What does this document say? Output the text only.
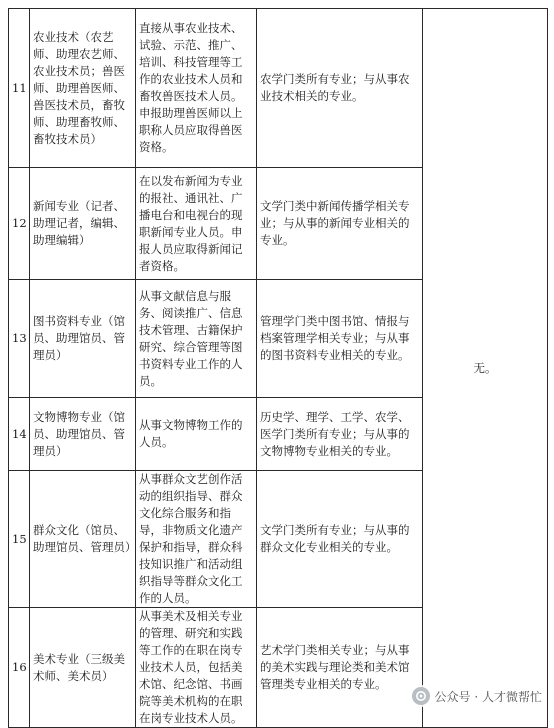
11	农业技术（农艺师、助理农艺师、农业技术员；兽医师、助理兽医师、兽医技术员，畜牧师、助理畜牧师、畜牧技术员）	直接从事农业技术、试验、示范、推广、培训、科技管理等工作的农业技术人员和畜牧兽医技术人员。申报助理兽医师以上职称人员应取得兽医资格。	农学门类所有专业；与从事农业技术相关的专业。	无。
12	新闻专业（记者、助理记者，编辑、助理编辑）	在以发布新闻为专业的报社、通讯社、广播电台和电视台的现职新闻专业人员。申报人员应取得新闻记者资格。	文学门类中新闻传播学相关专业；与从事的新闻专业相关的专业。	

13	图书资料专业（馆员、助理馆员、管理员）	从事文献信息与服务、阅读推广、信息技术管理、古籍保护研究、综合管理等图书资料专业工作的人员。	管理学门类中图书馆、情报与档案管理学相关专业；与从事的图书资料专业相关的专业。	

14	文物博物专业（馆员、助理馆员、管理员）	从事文物博物工作的人员。	历史学、理学、工学、农学、医学门类所有专业；与从事的文物博物专业相关的专业。	

15	群众文化（馆员、助理馆员、管理员）	从事群众文艺创作活动的组织指导、群众文化综合服务和指导，非物质文化遗产保护和指导，群众科技知识推广和活动组织指导等群众文化工作的人员。	文学门类所有专业；与从事的群众文化专业相关的专业。	

16	美术专业（三级美术师、美术员）	从事美术及相关专业的管理、研究和实践等工作的在职在岗专业技术人员，包括美术馆、纪念馆、书画院等美术机构的在职在岗专业技术人员。	艺术学门类相关专业；与从事的美术实践与理论类和美术馆管理类专业相关的专业。	
公众号 · 人才微帮忙
